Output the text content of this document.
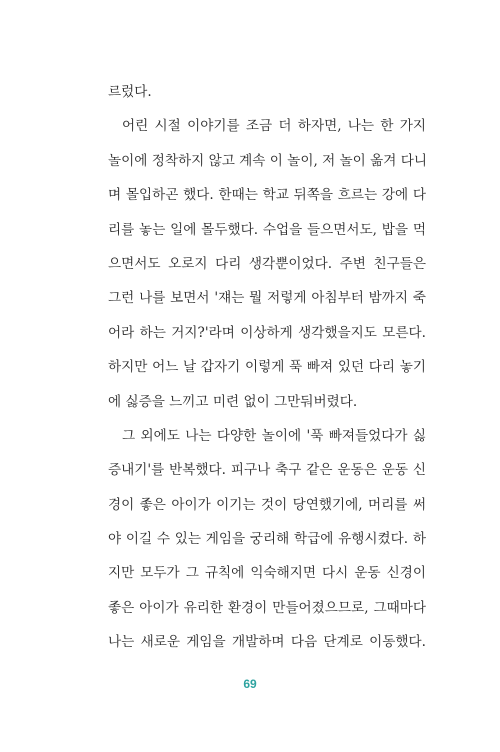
르렀다.
어린 시절 이야기를 조금 더 하자면, 나는 한 가지
놀이에 정착하지 않고 계속 이 놀이, 저 놀이 옮겨 다니
며 몰입하곤 했다. 한때는 학교 뒤쪽을 흐르는 강에 다
리를 놓는 일에 몰두했다. 수업을 들으면서도, 밥을 먹
으면서도 오로지 다리 생각뿐이었다. 주변 친구들은
그런 나를 보면서 '쟤는 뭘 저렇게 아침부터 밤까지 죽
어라 하는 거지?'라며 이상하게 생각했을지도 모른다.
하지만 어느 날 갑자기 이렇게 푹 빠져 있던 다리 놓기
에 싫증을 느끼고 미련 없이 그만둬버렸다.
그 외에도 나는 다양한 놀이에 '푹 빠져들었다가 싫
증내기'를 반복했다. 피구나 축구 같은 운동은 운동 신
경이 좋은 아이가 이기는 것이 당연했기에, 머리를 써
야 이길 수 있는 게임을 궁리해 학급에 유행시켰다. 하
지만 모두가 그 규칙에 익숙해지면 다시 운동 신경이
좋은 아이가 유리한 환경이 만들어졌으므로, 그때마다
나는 새로운 게임을 개발하며 다음 단계로 이동했다.
69
